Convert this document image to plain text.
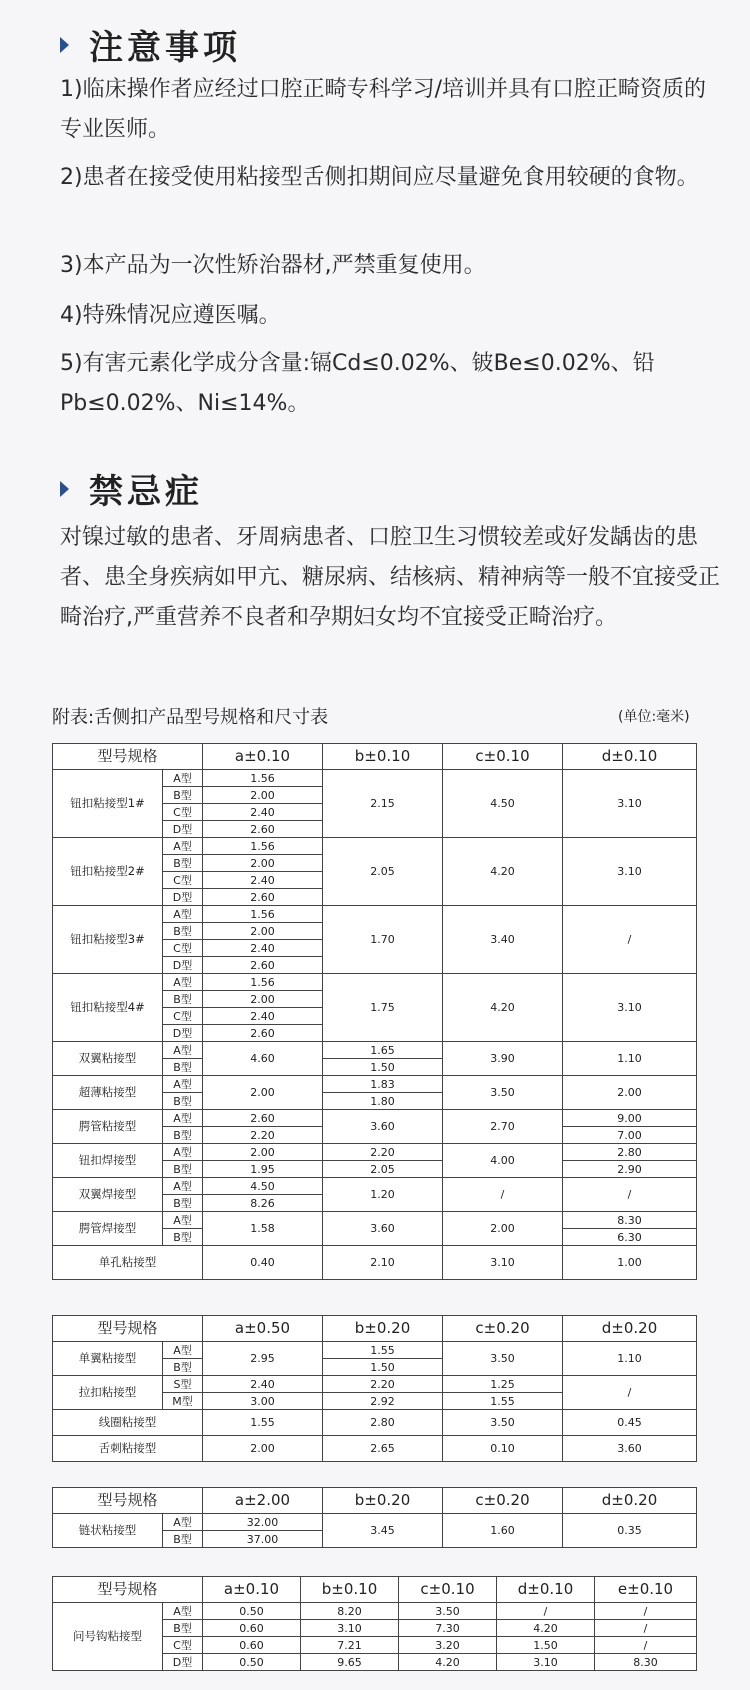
注意事项
1)临床操作者应经过口腔正畸专科学习/培训并具有口腔正畸资质的专业医师。
2)患者在接受使用粘接型舌侧扣期间应尽量避免食用较硬的食物。
3)本产品为一次性矫治器材,严禁重复使用。
4)特殊情况应遵医嘱。
5)有害元素化学成分含量:镉Cd≤0.02%、铍Be≤0.02%、铅Pb≤0.02%、Ni≤14%。
禁忌症
对镍过敏的患者、牙周病患者、口腔卫生习惯较差或好发龋齿的患者、患全身疾病如甲亢、糖尿病、结核病、精神病等一般不宜接受正畸治疗,严重营养不良者和孕期妇女均不宜接受正畸治疗。
附表:舌侧扣产品型号规格和尺寸表	(单位:毫米)
型号规格		a±0.10	b±0.10	c±0.10	d±0.10
钮扣粘接型1#	A型	1.56	2.15	4.50	3.10
	B型	2.00			
	C型	2.40			
	D型	2.60			
钮扣粘接型2#	A型	1.56	2.05	4.20	3.10
	B型	2.00			
	C型	2.40			
	D型	2.60			
钮扣粘接型3#	A型	1.56	1.70	3.40	/
	B型	2.00			
	C型	2.40			
	D型	2.60			
钮扣粘接型4#	A型	1.56	1.75	4.20	3.10
	B型	2.00			
	C型	2.40			
	D型	2.60			
双翼粘接型	A型	4.60	1.65	3.90	1.10
	B型		1.50		
超薄粘接型	A型	2.00	1.83	3.50	2.00
	B型		1.80		
腭管粘接型	A型	2.60	3.60	2.70	9.00
	B型	2.20			7.00
钮扣焊接型	A型	2.00	2.20	4.00	2.80
	B型	1.95	2.05		2.90
双翼焊接型	A型	4.50	1.20	/	/
	B型	8.26			
腭管焊接型	A型	1.58	3.60	2.00	8.30
	B型				6.30
单孔粘接型		0.40	2.10	3.10	1.00
型号规格		a±0.50	b±0.20	c±0.20	d±0.20
单翼粘接型	A型	2.95	1.55	3.50	1.10
	B型		1.50		
拉扣粘接型	S型	2.40	2.20	1.25	/
	M型	3.00	2.92	1.55	
线圈粘接型		1.55	2.80	3.50	0.45
舌刺粘接型		2.00	2.65	0.10	3.60
型号规格		a±2.00	b±0.20	c±0.20	d±0.20
链状粘接型	A型	32.00	3.45	1.60	0.35
	B型	37.00			
型号规格		a±0.10	b±0.10	c±0.10	d±0.10	e±0.10
问号钩粘接型	A型	0.50	8.20	3.50	/	/
	B型	0.60	3.10	7.30	4.20	/
	C型	0.60	7.21	3.20	1.50	/
	D型	0.50	9.65	4.20	3.10	8.30
